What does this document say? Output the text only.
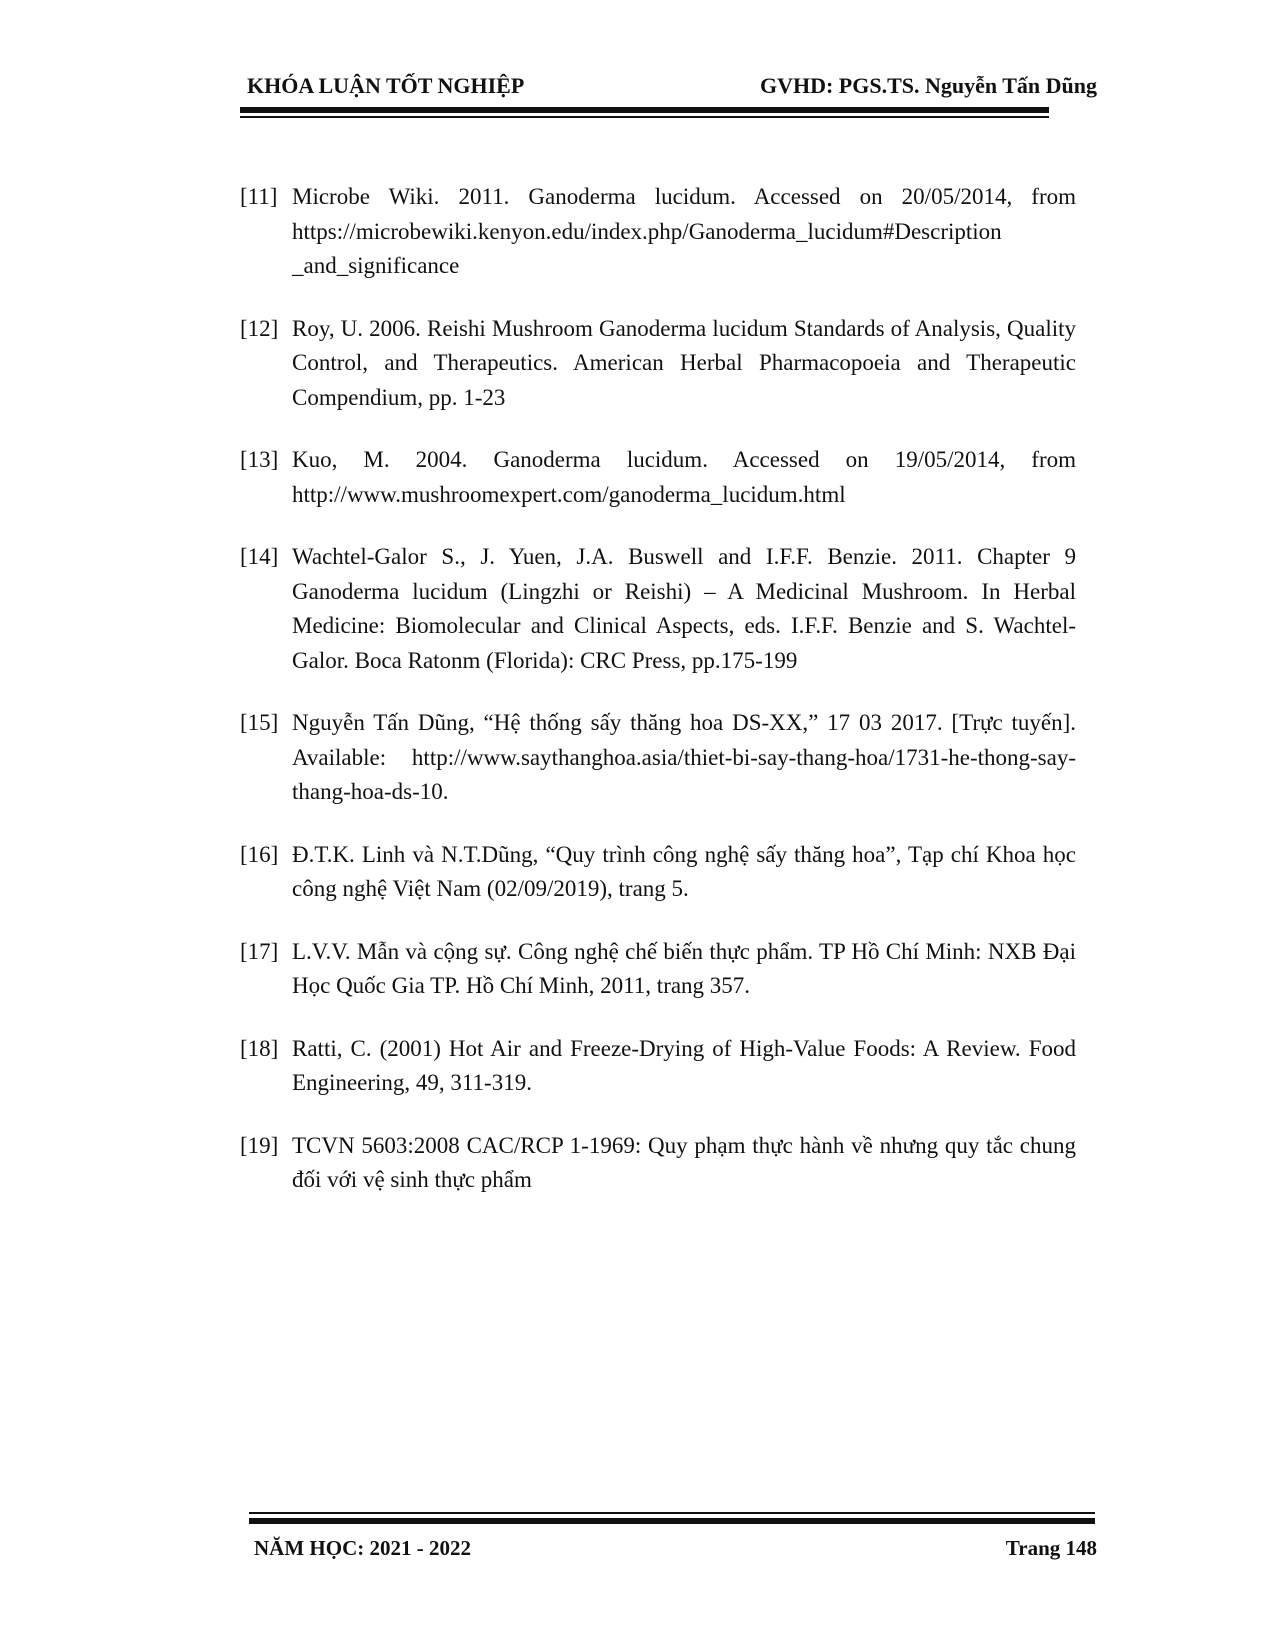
KHÓA LUẬN TỐT NGHIỆP	GVHD: PGS.TS. Nguyễn Tấn Dũng
[11] Microbe Wiki. 2011. Ganoderma lucidum. Accessed on 20/05/2014, from https://microbewiki.kenyon.edu/index.php/Ganoderma_lucidum#Description _and_significance
[12] Roy, U. 2006. Reishi Mushroom Ganoderma lucidum Standards of Analysis, Quality Control, and Therapeutics. American Herbal Pharmacopoeia and Therapeutic Compendium, pp. 1-23
[13] Kuo, M. 2004. Ganoderma lucidum. Accessed on 19/05/2014, from http://www.mushroomexpert.com/ganoderma_lucidum.html
[14] Wachtel-Galor S., J. Yuen, J.A. Buswell and I.F.F. Benzie. 2011. Chapter 9 Ganoderma lucidum (Lingzhi or Reishi) – A Medicinal Mushroom. In Herbal Medicine: Biomolecular and Clinical Aspects, eds. I.F.F. Benzie and S. Wachtel-Galor. Boca Ratonm (Florida): CRC Press, pp.175-199
[15] Nguyễn Tấn Dũng, “Hệ thống sấy thăng hoa DS-XX,” 17 03 2017. [Trực tuyến]. Available: http://www.saythanghoa.asia/thiet-bi-say-thang-hoa/1731-he-thong-say-thang-hoa-ds-10.
[16] Đ.T.K. Linh và N.T.Dũng, “Quy trình công nghệ sấy thăng hoa”, Tạp chí Khoa học công nghệ Việt Nam (02/09/2019), trang 5.
[17] L.V.V. Mẫn và cộng sự. Công nghệ chế biến thực phẩm. TP Hồ Chí Minh: NXB Đại Học Quốc Gia TP. Hồ Chí Minh, 2011, trang 357.
[18] Ratti, C. (2001) Hot Air and Freeze-Drying of High-Value Foods: A Review. Food Engineering, 49, 311-319.
[19] TCVN 5603:2008 CAC/RCP 1-1969: Quy phạm thực hành về nhưng quy tắc chung đối với vệ sinh thực phẩm
NĂM HỌC: 2021 - 2022	Trang 148
